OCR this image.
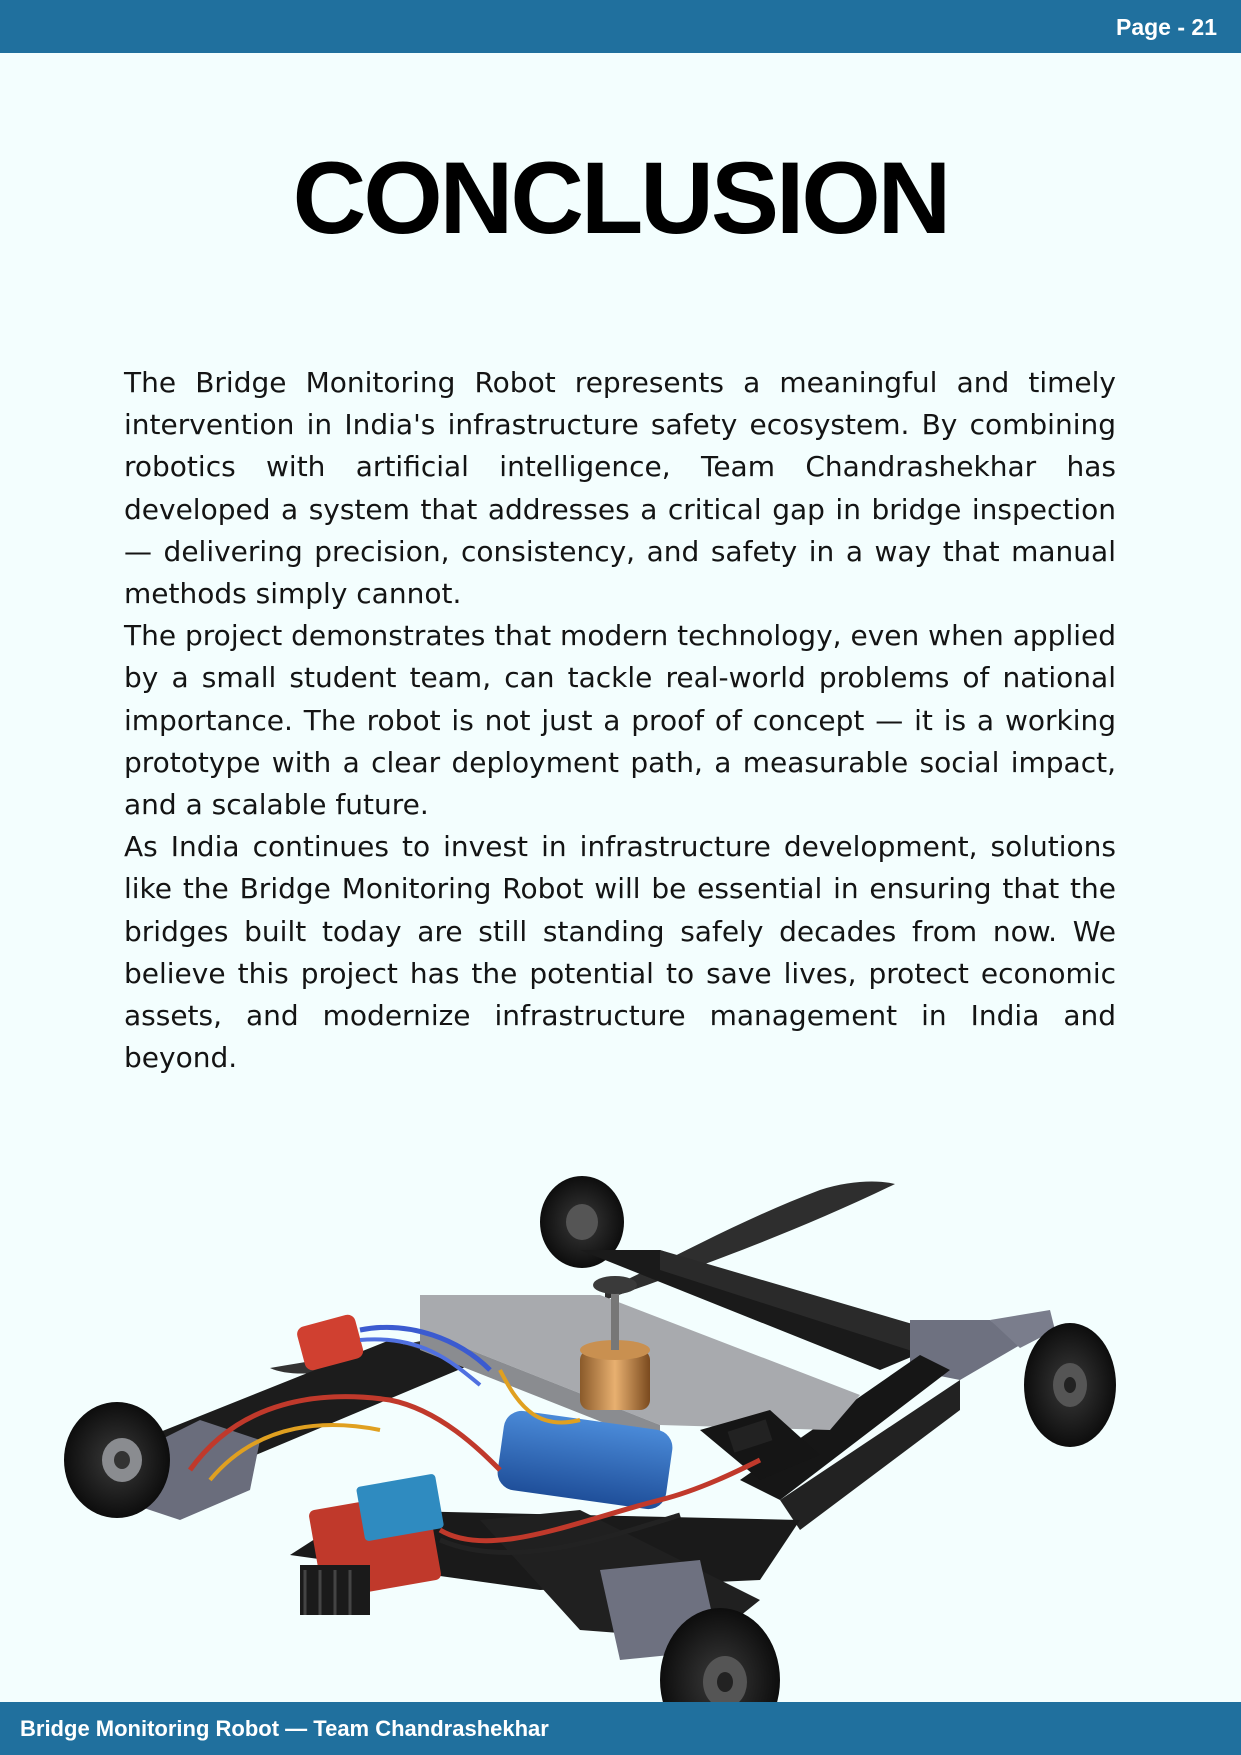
Page - 21
CONCLUSION

The Bridge Monitoring Robot represents a meaningful and timely intervention in India's infrastructure safety ecosystem. By combining robotics with artificial intelligence, Team Chandrashekhar has developed a system that addresses a critical gap in bridge inspection — delivering precision, consistency, and safety in a way that manual methods simply cannot.

The project demonstrates that modern technology, even when applied by a small student team, can tackle real-world problems of national importance. The robot is not just a proof of concept — it is a working prototype with a clear deployment path, a measurable social impact, and a scalable future.

As India continues to invest in infrastructure development, solutions like the Bridge Monitoring Robot will be essential in ensuring that the bridges built today are still standing safely decades from now. We believe this project has the potential to save lives, protect economic assets, and modernize infrastructure management in India and beyond.

Bridge Monitoring Robot — Team Chandrashekhar
